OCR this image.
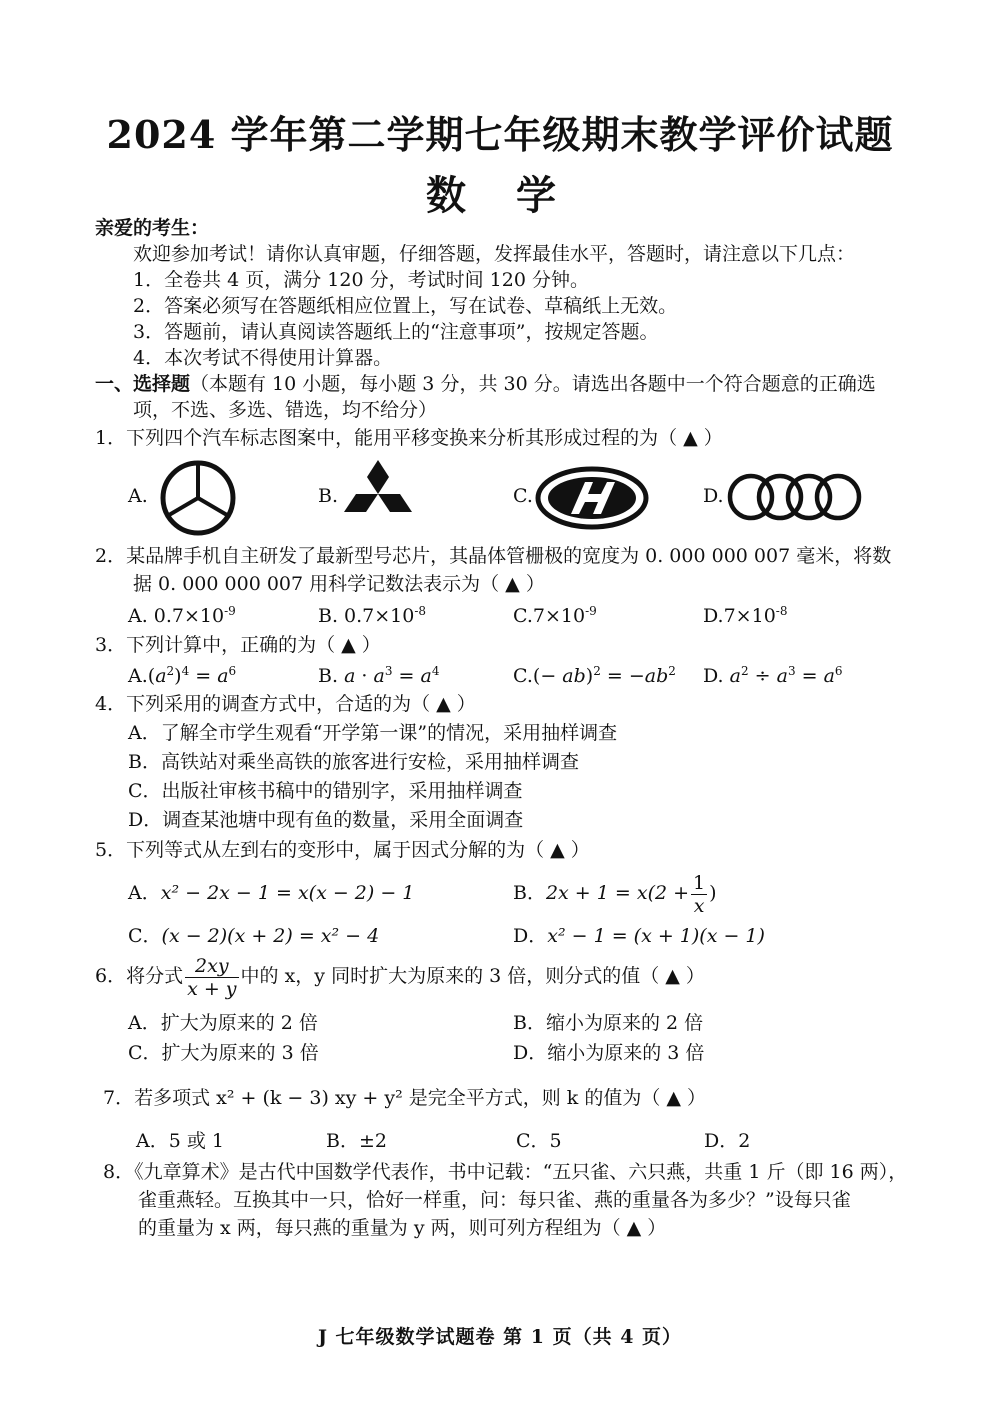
2024 学年第二学期七年级期末教学评价试题
数 学
亲爱的考生：
欢迎参加考试！请你认真审题，仔细答题，发挥最佳水平，答题时，请注意以下几点：
1．全卷共 4 页，满分 120 分，考试时间 120 分钟。
2．答案必须写在答题纸相应位置上，写在试卷、草稿纸上无效。
3．答题前，请认真阅读答题纸上的“注意事项”，按规定答题。
4．本次考试不得使用计算器。
一、选择题（本题有 10 小题，每小题 3 分，共 30 分。请选出各题中一个符合题意的正确选
项，不选、多选、错选，均不给分）
1．下列四个汽车标志图案中，能用平移变换来分析其形成过程的为（ ▲ ）
A.	B.	C.	D.
2．某品牌手机自主研发了最新型号芯片，其晶体管栅极的宽度为 0. 000 000 007 毫米，将数
据 0. 000 000 007 用科学记数法表示为（ ▲ ）
A. $0.7\times 10^{-9}$	B. $0.7\times 10^{-8}$	$C.7\times 10^{-9}$	$D.7\times 10^{-8}$
3．下列计算中，正确的为（ ▲ ）
$A.(a^2)^4 = a^6$	B. $a \cdot a^3 = a^4$	$C.(- ab)^2 = -ab^2$ D. $a^2 \div a^3 = a^6$
4．下列采用的调查方式中，合适的为（ ▲ ）
A．了解全市学生观看“开学第一课”的情况，采用抽样调查
B．高铁站对乘坐高铁的旅客进行安检，采用抽样调查
C．出版社审核书稿中的错别字，采用抽样调查
D．调查某池塘中现有鱼的数量，采用全面调查
5．下列等式从左到右的变形中，属于因式分解的为（ ▲ ）
A．x² − 2x − 1 = x(x − 2) − 1	B．$2x + 1 = x(2 + \frac{1}{x}$ )
C．(x − 2)(x + 2) = x² − 4	D．x² − 1 = (x + 1)(x − 1)
6．将分式 $\frac{2xy}{x + y}$ 中的 x，y 同时扩大为原来的 3 倍，则分式的值（ ▲ ）
A．扩大为原来的 2 倍	B．缩小为原来的 2 倍
C．扩大为原来的 3 倍	D．缩小为原来的 3 倍
7．若多项式 x² + (k − 3) xy + y² 是完全平方式，则 k 的值为（ ▲ ）
A．5 或 1	B．±2	C．5	D．2
8．《九章算术》是古代中国数学代表作，书中记载：“五只雀、六只燕，共重 1 斤（即 16 两），
雀重燕轻。互换其中一只，恰好一样重，问：每只雀、燕的重量各为多少？”设每只雀
的重量为 x 两，每只燕的重量为 y 两，则可列方程组为（ ▲ ）
J 七年级数学试题卷 第 1 页（共 4 页）
